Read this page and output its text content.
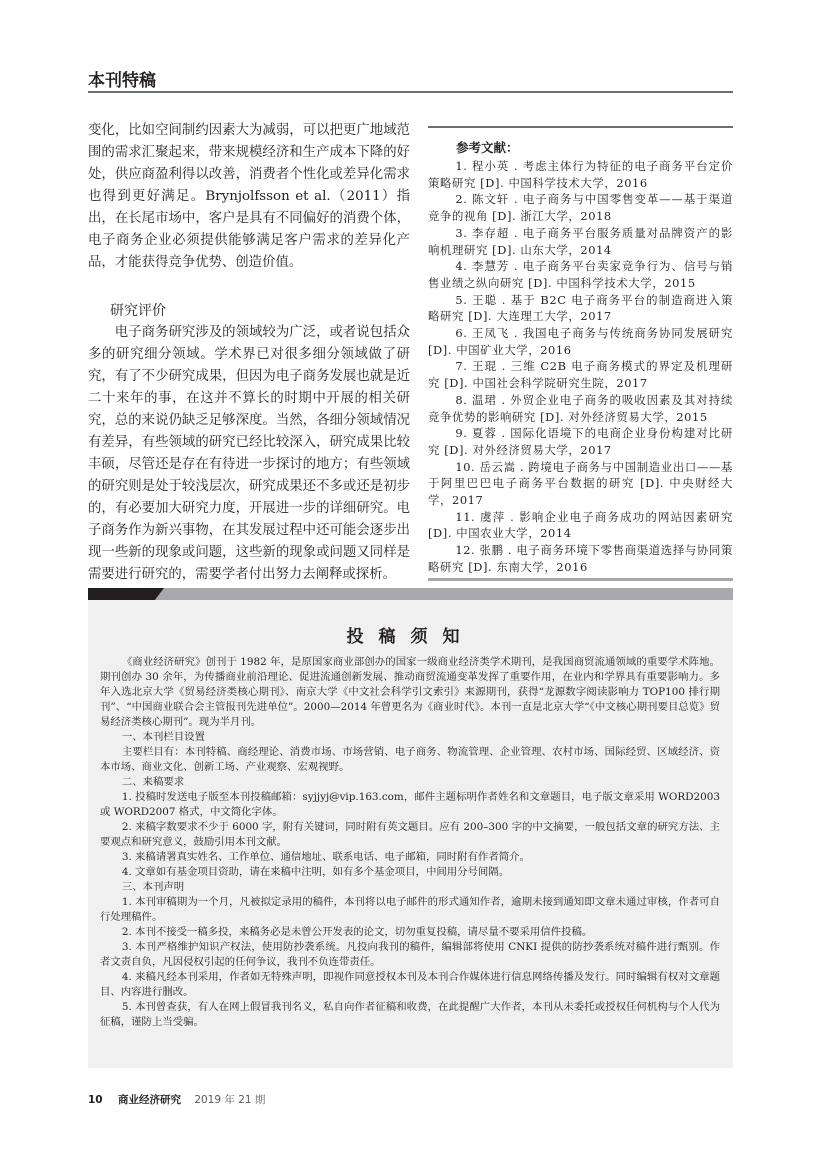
本刊特稿

变化，比如空间制约因素大为减弱，可以把更广地域范围的需求汇聚起来，带来规模经济和生产成本下降的好处，供应商盈利得以改善，消费者个性化或差异化需求也得到更好满足。Brynjolfsson et al.（2011）指出，在长尾市场中，客户是具有不同偏好的消费个体，电子商务企业必须提供能够满足客户需求的差异化产品，才能获得竞争优势、创造价值。

研究评价

电子商务研究涉及的领域较为广泛，或者说包括众多的研究细分领域。学术界已对很多细分领域做了研究，有了不少研究成果，但因为电子商务发展也就是近二十来年的事，在这并不算长的时期中开展的相关研究，总的来说仍缺乏足够深度。当然，各细分领域情况有差异，有些领域的研究已经比较深入，研究成果比较丰硕，尽管还是存在有待进一步探讨的地方；有些领域的研究则是处于较浅层次，研究成果还不多或还是初步的，有必要加大研究力度，开展进一步的详细研究。电子商务作为新兴事物，在其发展过程中还可能会逐步出现一些新的现象或问题，这些新的现象或问题又同样是需要进行研究的，需要学者付出努力去阐释或探析。

参考文献：
1. 程小英 . 考虑主体行为特征的电子商务平台定价策略研究 [D]. 中国科学技术大学，2016
2. 陈文轩 . 电子商务与中国零售变革——基于渠道竞争的视角 [D]. 浙江大学，2018
3. 李存超 . 电子商务平台服务质量对品牌资产的影响机理研究 [D]. 山东大学，2014
4. 李慧芳 . 电子商务平台卖家竞争行为、信号与销售业绩之纵向研究 [D]. 中国科学技术大学，2015
5. 王聪 . 基于 B2C 电子商务平台的制造商进入策略研究 [D]. 大连理工大学，2017
6. 王凤飞 . 我国电子商务与传统商务协同发展研究 [D]. 中国矿业大学，2016
7. 王琨 . 三维 C2B 电子商务模式的界定及机理研究 [D]. 中国社会科学院研究生院，2017
8. 温珺 . 外贸企业电子商务的吸收因素及其对持续竞争优势的影响研究 [D]. 对外经济贸易大学，2015
9. 夏蓉 . 国际化语境下的电商企业身份构建对比研究 [D]. 对外经济贸易大学，2017
10. 岳云嵩 . 跨境电子商务与中国制造业出口——基于阿里巴巴电子商务平台数据的研究 [D]. 中央财经大学，2017
11. 虞萍 . 影响企业电子商务成功的网站因素研究 [D]. 中国农业大学，2014
12. 张鹏 . 电子商务环境下零售商渠道选择与协同策略研究 [D]. 东南大学，2016
投稿须知

《商业经济研究》创刊于 1982 年，是原国家商业部创办的国家一级商业经济类学术期刊，是我国商贸流通领域的重要学术阵地。期刊创办 30 余年，为传播商业前沿理论、促进流通创新发展、推动商贸流通变革发挥了重要作用，在业内和学界具有重要影响力。多年入选北京大学《贸易经济类核心期刊》、南京大学《中文社会科学引文索引》来源期刊，获得“龙源数字阅读影响力 TOP100 排行期刊”、“中国商业联合会主管报刊先进单位”。2000—2014 年曾更名为《商业时代》。本刊一直是北京大学“《中文核心期刊要目总览》贸易经济类核心期刊”。现为半月刊。

一、本刊栏目设置

主要栏目有：本刊特稿、商经理论、消费市场、市场营销、电子商务、物流管理、企业管理、农村市场、国际经贸、区域经济、资本市场、商业文化、创新工场、产业观察、宏观视野。

二、来稿要求

1. 投稿时发送电子版至本刊投稿邮箱：syjjyj@vip.163.com，邮件主题标明作者姓名和文章题目，电子版文章采用 WORD2003 或 WORD2007 格式，中文简化字体。

2. 来稿字数要求不少于 6000 字，附有关键词，同时附有英文题目。应有 200–300 字的中文摘要，一般包括文章的研究方法、主要观点和研究意义，鼓励引用本刊文献。

3. 来稿请署真实姓名、工作单位、通信地址、联系电话、电子邮箱，同时附有作者简介。

4. 文章如有基金项目资助，请在来稿中注明，如有多个基金项目，中间用分号间隔。

三、本刊声明

1. 本刊审稿期为一个月，凡被拟定录用的稿件，本刊将以电子邮件的形式通知作者，逾期未接到通知即文章未通过审核，作者可自行处理稿件。

2. 本刊不接受一稿多投，来稿务必是未曾公开发表的论文，切勿重复投稿，请尽量不要采用信件投稿。

3. 本刊严格维护知识产权法，使用防抄袭系统。凡投向我刊的稿件，编辑部将使用 CNKI 提供的防抄袭系统对稿件进行甄别。作者文责自负，凡因侵权引起的任何争议，我刊不负连带责任。

4. 来稿凡经本刊采用，作者如无特殊声明，即视作同意授权本刊及本刊合作媒体进行信息网络传播及发行。同时编辑有权对文章题目、内容进行删改。

5. 本刊曾查获，有人在网上假冒我刊名义，私自向作者征稿和收费，在此提醒广大作者，本刊从未委托或授权任何机构与个人代为征稿，谨防上当受骗。

10 商业经济研究 2019 年 21 期
